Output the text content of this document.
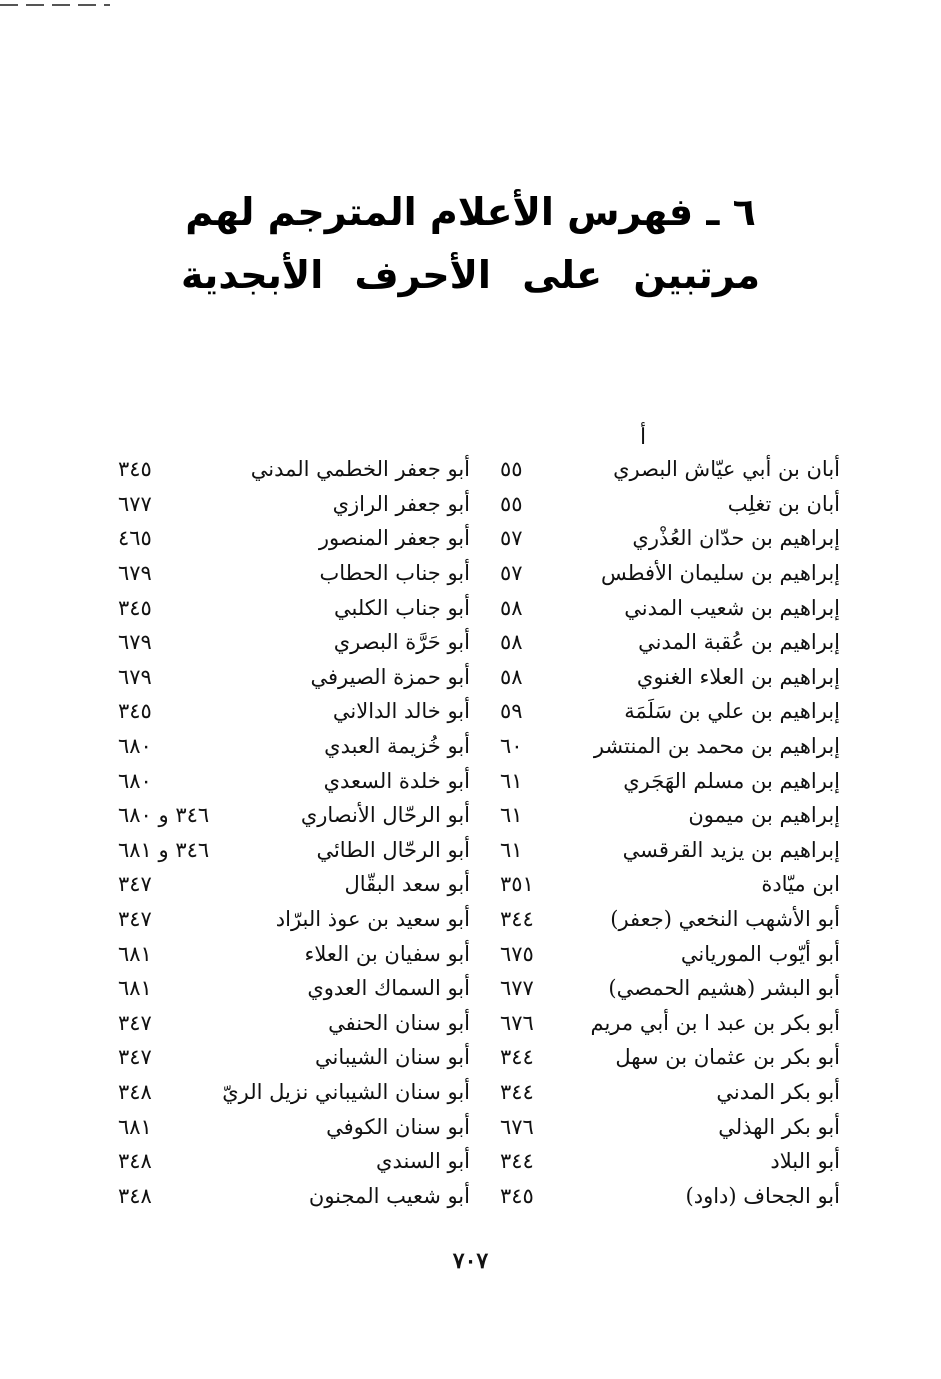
٦ ـ فهرس الأعلام المترجم لهم
مرتبين على الأحرف الأبجدية
أ
أبان بن أبي عيّاش البصري
٥٥
أبان بن تغلِب
٥٥
إبراهيم بن حدّان العُذْري
٥٧
إبراهيم بن سليمان الأفطس
٥٧
إبراهيم بن شعيب المدني
٥٨
إبراهيم بن عُقبة المدني
٥٨
إبراهيم بن العلاء الغنوي
٥٨
إبراهيم بن علي بن سَلَمَة
٥٩
إبراهيم بن محمد بن المنتشر
٦٠
إبراهيم بن مسلم الهَجَري
٦١
إبراهيم بن ميمون
٦١
إبراهيم بن يزيد القرقسي
٦١
ابن ميّادة
٣٥١
أبو الأشهب النخعي (جعفر)
٣٤٤
أبو أيّوب المورياني
٦٧٥
أبو البشر (هشيم الحمصي)
٦٧٧
أبو بكر بن عبد ا بن أبي مريم
٦٧٦
أبو بكر بن عثمان بن سهل
٣٤٤
أبو بكر المدني
٣٤٤
أبو بكر الهذلي
٦٧٦
أبو البلاد
٣٤٤
أبو الجحاف (داود)
٣٤٥
أبو جعفر الخطمي المدني
٣٤٥
أبو جعفر الرازي
٦٧٧
أبو جعفر المنصور
٤٦٥
أبو جناب الحطاب
٦٧٩
أبو جناب الكلبي
٣٤٥
أبو حَرَّة البصري
٦٧٩
أبو حمزة الصيرفي
٦٧٩
أبو خالد الدالاني
٣٤٥
أبو خُزيمة العبدي
٦٨٠
أبو خلدة السعدي
٦٨٠
أبو الرحّال الأنصاري
٣٤٦ و ٦٨٠
أبو الرحّال الطائي
٣٤٦ و ٦٨١
أبو سعد البقّال
٣٤٧
أبو سعيد بن عوذ البرّاد
٣٤٧
أبو سفيان بن العلاء
٦٨١
أبو السماك العدوي
٦٨١
أبو سنان الحنفي
٣٤٧
أبو سنان الشيباني
٣٤٧
أبو سنان الشيباني نزيل الريّ
٣٤٨
أبو سنان الكوفي
٦٨١
أبو السندي
٣٤٨
أبو شعيب المجنون
٣٤٨
٧٠٧
